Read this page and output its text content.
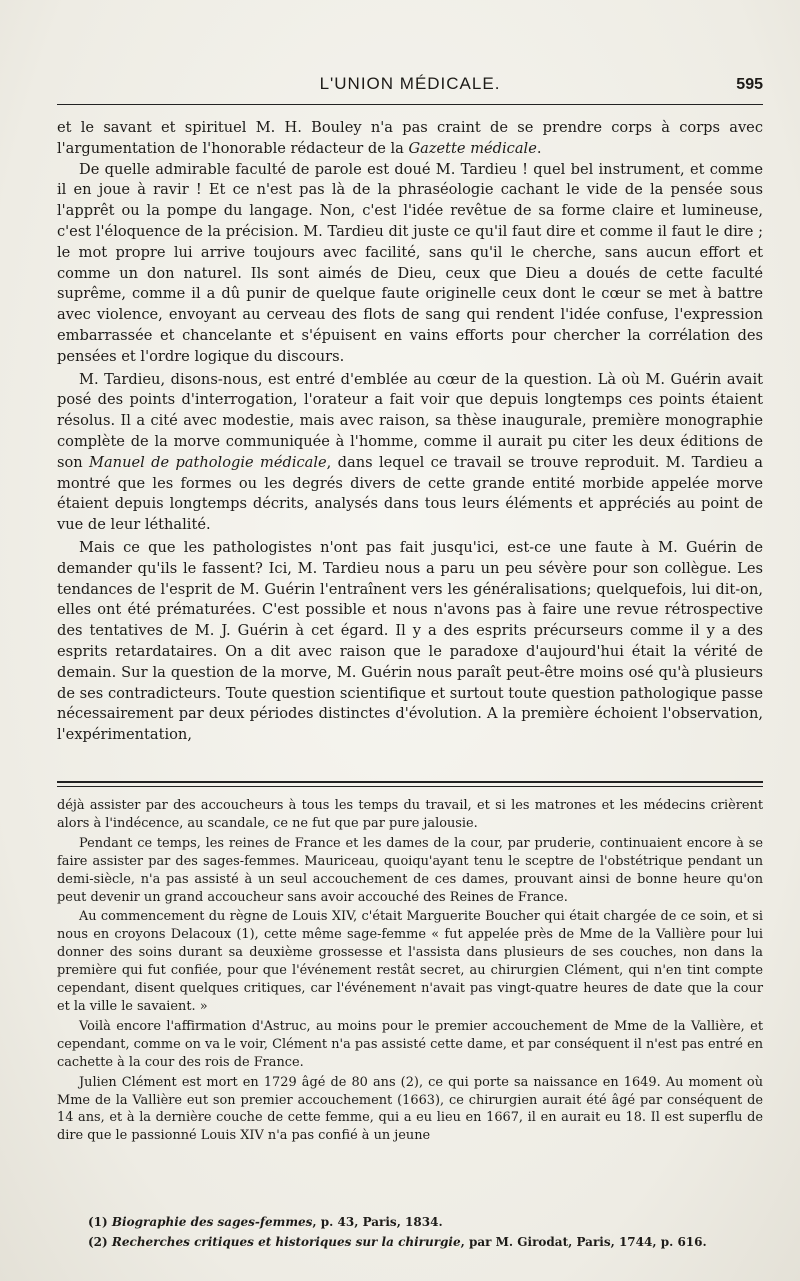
L'UNION MÉDICALE.	595

et le savant et spirituel M. H. Bouley n'a pas craint de se prendre corps à corps avec l'argumentation de l'honorable rédacteur de la Gazette médicale.

De quelle admirable faculté de parole est doué M. Tardieu ! quel bel instrument, et comme il en joue à ravir ! Et ce n'est pas là de la phraséologie cachant le vide de la pensée sous l'apprêt ou la pompe du langage. Non, c'est l'idée revêtue de sa forme claire et lumineuse, c'est l'éloquence de la précision. M. Tardieu dit juste ce qu'il faut dire et comme il faut le dire ; le mot propre lui arrive toujours avec facilité, sans qu'il le cherche, sans aucun effort et comme un don naturel. Ils sont aimés de Dieu, ceux que Dieu a doués de cette faculté suprême, comme il a dû punir de quelque faute originelle ceux dont le cœur se met à battre avec violence, envoyant au cerveau des flots de sang qui rendent l'idée confuse, l'expression embarrassée et chancelante et s'épuisent en vains efforts pour chercher la corrélation des pensées et l'ordre logique du discours.

M. Tardieu, disons-nous, est entré d'emblée au cœur de la question. Là où M. Guérin avait posé des points d'interrogation, l'orateur a fait voir que depuis longtemps ces points étaient résolus. Il a cité avec modestie, mais avec raison, sa thèse inaugurale, première monographie complète de la morve communiquée à l'homme, comme il aurait pu citer les deux éditions de son Manuel de pathologie médicale, dans lequel ce travail se trouve reproduit. M. Tardieu a montré que les formes ou les degrés divers de cette grande entité morbide appelée morve étaient depuis longtemps décrits, analysés dans tous leurs éléments et appréciés au point de vue de leur léthalité.

Mais ce que les pathologistes n'ont pas fait jusqu'ici, est-ce une faute à M. Guérin de demander qu'ils le fassent? Ici, M. Tardieu nous a paru un peu sévère pour son collègue. Les tendances de l'esprit de M. Guérin l'entraînent vers les généralisations; quelquefois, lui dit-on, elles ont été prématurées. C'est possible et nous n'avons pas à faire une revue rétrospective des tentatives de M. J. Guérin à cet égard. Il y a des esprits précurseurs comme il y a des esprits retardataires. On a dit avec raison que le paradoxe d'aujourd'hui était la vérité de demain. Sur la question de la morve, M. Guérin nous paraît peut-être moins osé qu'à plusieurs de ses contradicteurs. Toute question scientifique et surtout toute question pathologique passe nécessairement par deux périodes distinctes d'évolution. A la première échoient l'observation, l'expérimentation,

déjà assister par des accoucheurs à tous les temps du travail, et si les matrones et les médecins crièrent alors à l'indécence, au scandale, ce ne fut que par pure jalousie.

Pendant ce temps, les reines de France et les dames de la cour, par pruderie, continuaient encore à se faire assister par des sages-femmes. Mauriceau, quoiqu'ayant tenu le sceptre de l'obstétrique pendant un demi-siècle, n'a pas assisté à un seul accouchement de ces dames, prouvant ainsi de bonne heure qu'on peut devenir un grand accoucheur sans avoir accouché des Reines de France.

Au commencement du règne de Louis XIV, c'était Marguerite Boucher qui était chargée de ce soin, et si nous en croyons Delacoux (1), cette même sage-femme « fut appelée près de Mme de la Vallière pour lui donner des soins durant sa deuxième grossesse et l'assista dans plusieurs de ses couches, non dans la première qui fut confiée, pour que l'événement restât secret, au chirurgien Clément, qui n'en tint compte cependant, disent quelques critiques, car l'événement n'avait pas vingt-quatre heures de date que la cour et la ville le savaient. »

Voilà encore l'affirmation d'Astruc, au moins pour le premier accouchement de Mme de la Vallière, et cependant, comme on va le voir, Clément n'a pas assisté cette dame, et par conséquent il n'est pas entré en cachette à la cour des rois de France.

Julien Clément est mort en 1729 âgé de 80 ans (2), ce qui porte sa naissance en 1649. Au moment où Mme de la Vallière eut son premier accouchement (1663), ce chirurgien aurait été âgé par conséquent de 14 ans, et à la dernière couche de cette femme, qui a eu lieu en 1667, il en aurait eu 18. Il est superflu de dire que le passionné Louis XIV n'a pas confié à un jeune

(1) Biographie des sages-femmes, p. 43, Paris, 1834.

(2) Recherches critiques et historiques sur la chirurgie, par M. Girodat, Paris, 1744, p. 616.
